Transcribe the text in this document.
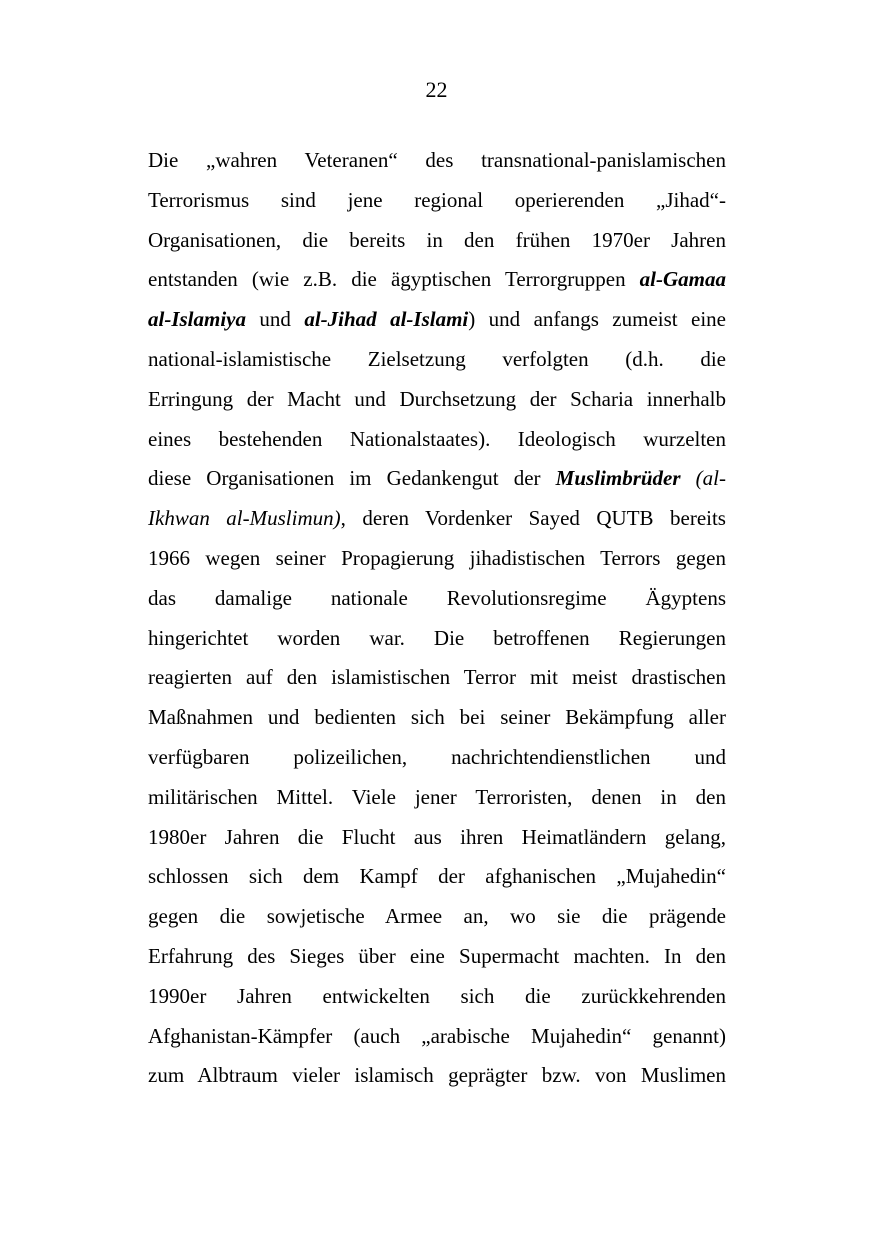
22
Die „wahren Veteranen“ des transnational-panislamischen
Terrorismus sind jene regional operierenden „Jihad“-
Organisationen, die bereits in den frühen 1970er Jahren
entstanden (wie z.B. die ägyptischen Terrorgruppen al-Gamaa
al-Islamiya und al-Jihad al-Islami) und anfangs zumeist eine
national-islamistische Zielsetzung verfolgten (d.h. die
Erringung der Macht und Durchsetzung der Scharia innerhalb
eines bestehenden Nationalstaates). Ideologisch wurzelten
diese Organisationen im Gedankengut der Muslimbrüder (al-
Ikhwan al-Muslimun), deren Vordenker Sayed QUTB bereits
1966 wegen seiner Propagierung jihadistischen Terrors gegen
das damalige nationale Revolutionsregime Ägyptens
hingerichtet worden war. Die betroffenen Regierungen
reagierten auf den islamistischen Terror mit meist drastischen
Maßnahmen und bedienten sich bei seiner Bekämpfung aller
verfügbaren polizeilichen, nachrichtendienstlichen und
militärischen Mittel. Viele jener Terroristen, denen in den
1980er Jahren die Flucht aus ihren Heimatländern gelang,
schlossen sich dem Kampf der afghanischen „Mujahedin“
gegen die sowjetische Armee an, wo sie die prägende
Erfahrung des Sieges über eine Supermacht machten. In den
1990er Jahren entwickelten sich die zurückkehrenden
Afghanistan-Kämpfer (auch „arabische Mujahedin“ genannt)
zum Albtraum vieler islamisch geprägter bzw. von Muslimen
